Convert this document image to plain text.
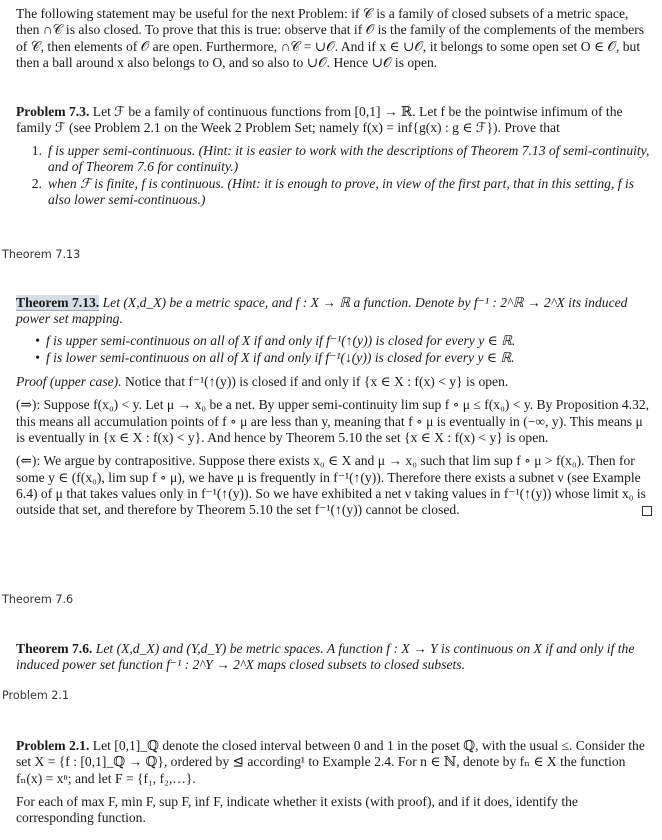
The following statement may be useful for the next Problem: if 𝒞 is a family of closed subsets of a metric space, then ∩𝒞 is also closed. To prove that this is true: observe that if 𝒪 is the family of the complements of the members of 𝒞, then elements of 𝒪 are open. Furthermore, ∩𝒞 = ∪𝒪. And if x ∈ ∪𝒪, it belongs to some open set O ∈ 𝒪, but then a ball around x also belongs to O, and so also to ∪𝒪. Hence ∪𝒪 is open.

Problem 7.3. Let ℱ be a family of continuous functions from [0,1] → ℝ. Let f be the pointwise infimum of the family ℱ (see Problem 2.1 on the Week 2 Problem Set; namely f(x) = inf{g(x) : g ∈ ℱ}). Prove that

1. f is upper semi-continuous. (Hint: it is easier to work with the descriptions of Theorem 7.13 of semi-continuity, and of Theorem 7.6 for continuity.)
2. when ℱ is finite, f is continuous. (Hint: it is enough to prove, in view of the first part, that in this setting, f is also lower semi-continuous.)
Theorem 7.13

Theorem 7.13. Let (X,d_X) be a metric space, and f : X → ℝ a function. Denote by f⁻¹ : 2^ℝ → 2^X its induced power set mapping.

• f is upper semi-continuous on all of X if and only if f⁻¹(↑(y)) is closed for every y ∈ ℝ.
• f is lower semi-continuous on all of X if and only if f⁻¹(↓(y)) is closed for every y ∈ ℝ.

Proof (upper case). Notice that f⁻¹(↑(y)) is closed if and only if {x ∈ X : f(x) < y} is open.

(⇒): Suppose f(x₀) < y. Let μ → x₀ be a net. By upper semi-continuity lim sup f ∘ μ ≤ f(x₀) < y. By Proposition 4.32, this means all accumulation points of f ∘ μ are less than y, meaning that f ∘ μ is eventually in (−∞, y). This means μ is eventually in {x ∈ X : f(x) < y}. And hence by Theorem 5.10 the set {x ∈ X : f(x) < y} is open.

(⇐): We argue by contrapositive. Suppose there exists x₀ ∈ X and μ → x₀ such that lim sup f ∘ μ > f(x₀). Then for some y ∈ (f(x₀), lim sup f ∘ μ), we have μ is frequently in f⁻¹(↑(y)). Therefore there exists a subnet ν (see Example 6.4) of μ that takes values only in f⁻¹(↑(y)). So we have exhibited a net ν taking values in f⁻¹(↑(y)) whose limit x₀ is outside that set, and therefore by Theorem 5.10 the set f⁻¹(↑(y)) cannot be closed.

Theorem 7.6

Theorem 7.6. Let (X,d_X) and (Y,d_Y) be metric spaces. A function f : X → Y is continuous on X if and only if the induced power set function f⁻¹ : 2^Y → 2^X maps closed subsets to closed subsets.

Problem 2.1

Problem 2.1. Let [0,1]_ℚ denote the closed interval between 0 and 1 in the poset ℚ, with the usual ≤. Consider the set X = {f : [0,1]_ℚ → ℚ}, ordered by ⊴ according¹ to Example 2.4. For n ∈ ℕ, denote by fₙ ∈ X the function fₙ(x) = xⁿ; and let F = {f₁, f₂,…}.

For each of max F, min F, sup F, inf F, indicate whether it exists (with proof), and if it does, identify the corresponding function.
